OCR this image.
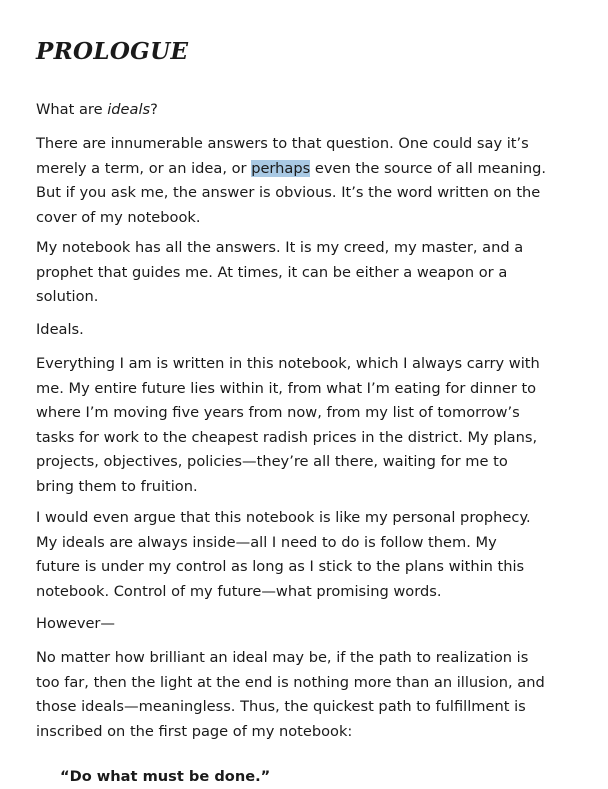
PROLOGUE

What are ideals?

There are innumerable answers to that question. One could say it’s
merely a term, or an idea, or perhaps even the source of all meaning.
But if you ask me, the answer is obvious. It’s the word written on the
cover of my notebook.

My notebook has all the answers. It is my creed, my master, and a
prophet that guides me. At times, it can be either a weapon or a
solution.

Ideals.

Everything I am is written in this notebook, which I always carry with
me. My entire future lies within it, from what I’m eating for dinner to
where I’m moving five years from now, from my list of tomorrow’s
tasks for work to the cheapest radish prices in the district. My plans,
projects, objectives, policies—they’re all there, waiting for me to
bring them to fruition.

I would even argue that this notebook is like my personal prophecy.
My ideals are always inside—all I need to do is follow them. My
future is under my control as long as I stick to the plans within this
notebook. Control of my future—what promising words.

However—

No matter how brilliant an ideal may be, if the path to realization is
too far, then the light at the end is nothing more than an illusion, and
those ideals—meaningless. Thus, the quickest path to fulfillment is
inscribed on the first page of my notebook:

“Do what must be done.”
